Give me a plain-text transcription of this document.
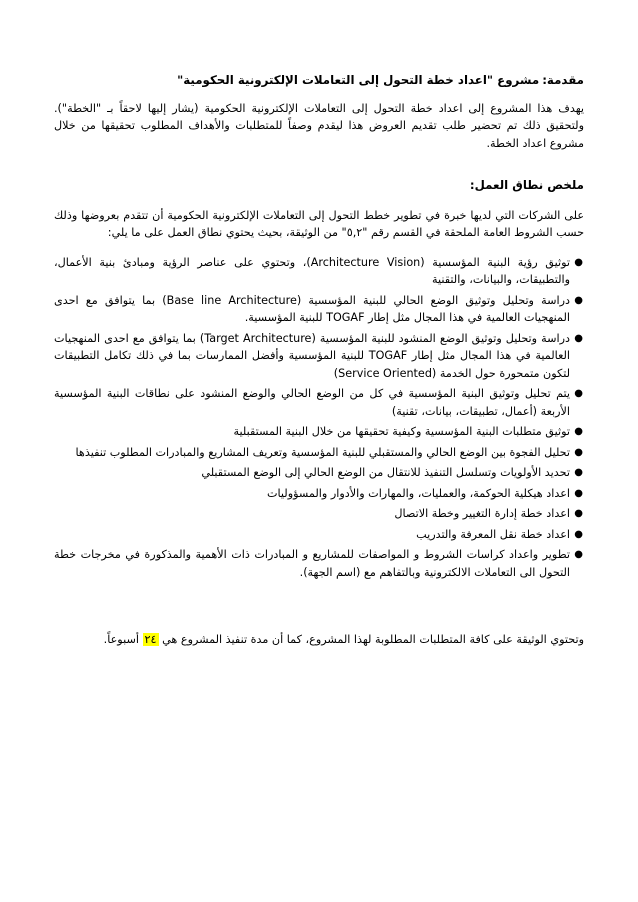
مقدمة:مشروع "اعداد خطة التحول إلى التعاملات الإلكترونية الحكومية"

يهدف هذا المشروع إلى اعداد خطة التحول إلى التعاملات الإلكترونية الحكومية (يشار إليها لاحقاً بـ "الخطة"). ولتحقيق ذلك تم تحضير طلب تقديم العروض هذا ليقدم وصفاً للمتطلبات والأهداف المطلوب تحقيقها من خلال مشروع اعداد الخطة.

ملخص نطاق العمل:

على الشركات التي لديها خبرة في تطوير خطط التحول إلى التعاملات الإلكترونية الحكومية أن تتقدم بعروضها وذلك حسب الشروط العامة الملحقة في القسم رقم "٥,٢" من الوثيقة، بحيث يحتوي نطاق العمل على ما يلي:

●
توثيق رؤية البنية المؤسسية (Architecture Vision)، وتحتوي على عناصر الرؤية ومبادئ بنية الأعمال، والتطبيقات، والبيانات، والتقنية
●
دراسة وتحليل وتوثيق الوضع الحالي للبنية المؤسسية (Base line Architecture) بما يتوافق مع احدى المنهجيات العالمية في هذا المجال مثل إطار TOGAF للبنية المؤسسية.
●
دراسة وتحليل وتوثيق الوضع المنشود للبنية المؤسسية (Target Architecture) بما يتوافق مع احدى المنهجيات العالمية في هذا المجال مثل إطار TOGAF للبنية المؤسسية وأفضل الممارسات بما في ذلك تكامل التطبيقات لتكون متمحورة حول الخدمة (Service Oriented)
●
يتم تحليل وتوثيق البنية المؤسسية في كل من الوضع الحالي والوضع المنشود على نطاقات البنية المؤسسية الأربعة (أعمال، تطبيقات، بيانات، تقنية)
●
توثيق متطلبات البنية المؤسسية وكيفية تحقيقها من خلال البنية المستقبلية
●
تحليل الفجوة بين الوضع الحالي والمستقبلي للبنية المؤسسية وتعريف المشاريع والمبادرات المطلوب تنفيذها
●
تحديد الأولويات وتسلسل التنفيذ للانتقال من الوضع الحالي إلى الوضع المستقبلي
●
اعداد هيكلية الحوكمة، والعمليات، والمهارات والأدوار والمسؤوليات
●
اعداد خطة إدارة التغيير وخطة الاتصال
●
اعداد خطة نقل المعرفة والتدريب
●
تطوير واعداد كراسات الشروط و المواصفات للمشاريع و المبادرات ذات الأهمية والمذكورة في مخرجات خطة التحول الى التعاملات الالكترونية وبالتفاهم مع (اسم الجهة).

وتحتوي الوثيقة على كافة المتطلبات المطلوبة لهذا المشروع، كما أن مدة تنفيذ المشروع هي ٢٤ أسبوعاً.
